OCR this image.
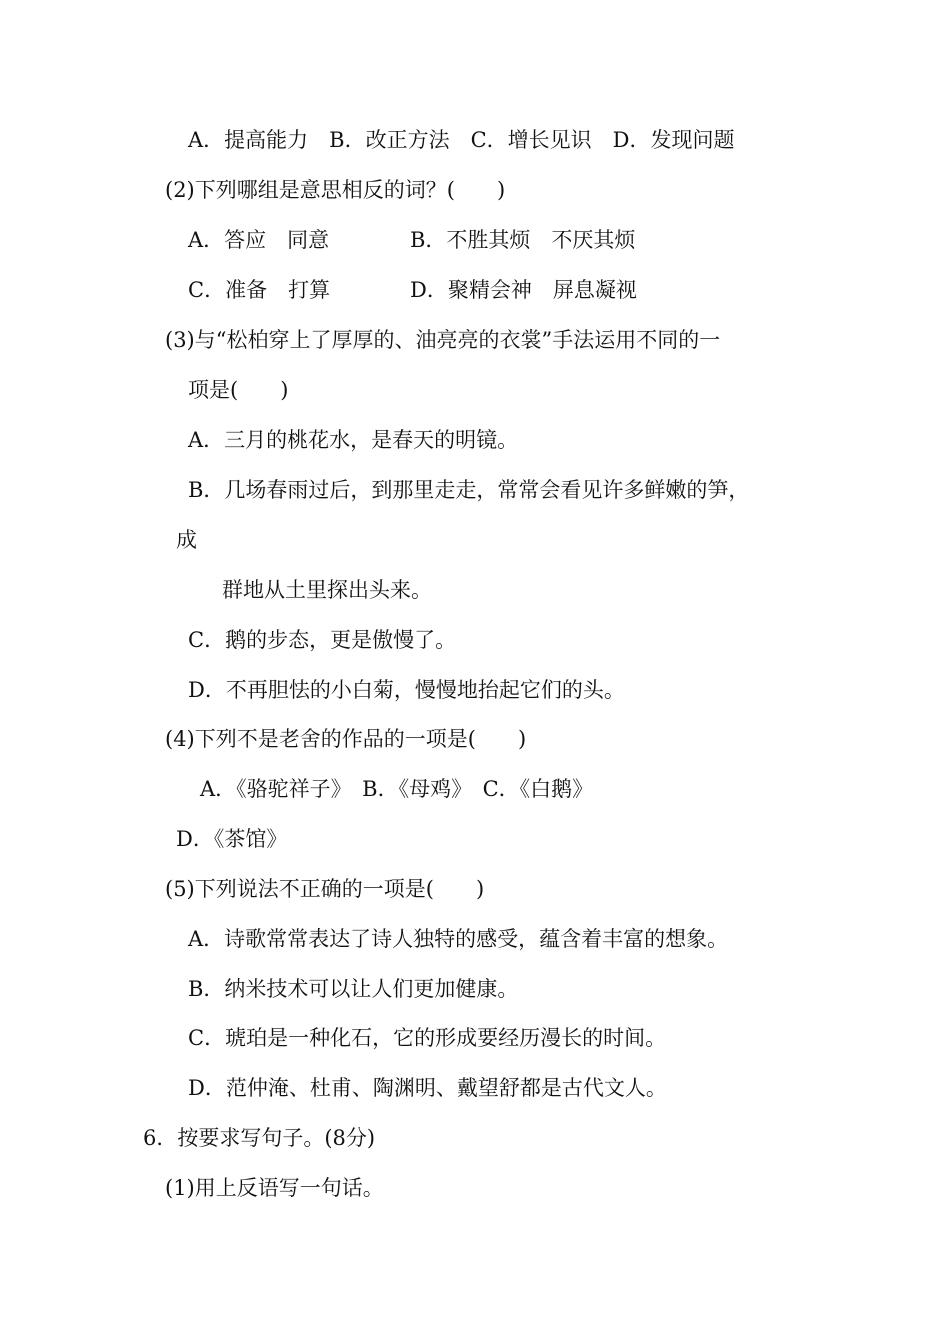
A．提高能力　B．改正方法　C．增长见识　D．发现问题
(2)下列哪组是意思相反的词？(　　)
A．答应　同意	B．不胜其烦　不厌其烦
C．准备　打算	D．聚精会神　屏息凝视
(3)与“松柏穿上了厚厚的、油亮亮的衣裳”手法运用不同的一
项是(　　)
A．三月的桃花水，是春天的明镜。
B．几场春雨过后，到那里走走，常常会看见许多鲜嫩的笋，
成
群地从土里探出头来。
C．鹅的步态，更是傲慢了。
D．不再胆怯的小白菊，慢慢地抬起它们的头。
(4)下列不是老舍的作品的一项是(　　)
A．《骆驼祥子》　B．《母鸡》　C．《白鹅》
D．《茶馆》
(5)下列说法不正确的一项是(　　)
A．诗歌常常表达了诗人独特的感受，蕴含着丰富的想象。
B．纳米技术可以让人们更加健康。
C．琥珀是一种化石，它的形成要经历漫长的时间。
D．范仲淹、杜甫、陶渊明、戴望舒都是古代文人。
6．按要求写句子。(8分)
(1)用上反语写一句话。
